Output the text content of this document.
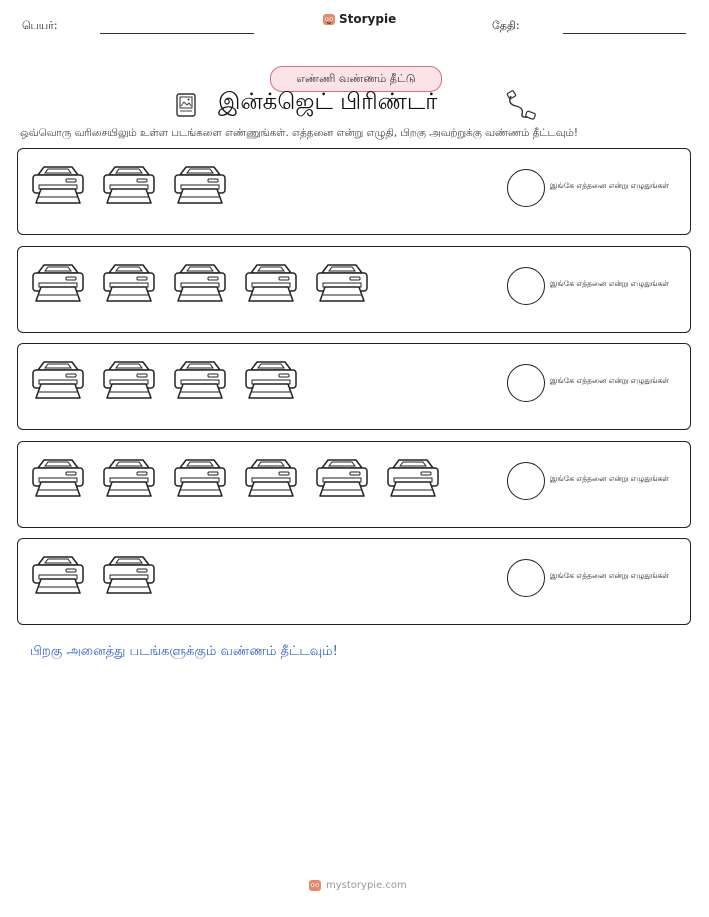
பெயர்:	Storypie	தேதி:
எண்ணி வண்ணம் தீட்டு
இன்க்ஜெட் பிரிண்டர்
ஒவ்வொரு வரிசையிலும் உள்ள படங்களை எண்ணுங்கள். எத்தனை என்று எழுதி, பிறகு அவற்றுக்கு வண்ணம் தீட்டவும்!
இங்கே எத்தனை என்று எழுதுங்கள்
இங்கே எத்தனை என்று எழுதுங்கள்
இங்கே எத்தனை என்று எழுதுங்கள்
இங்கே எத்தனை என்று எழுதுங்கள்
இங்கே எத்தனை என்று எழுதுங்கள்
பிறகு அனைத்து படங்களுக்கும் வண்ணம் தீட்டவும்!
mystorypie.com
